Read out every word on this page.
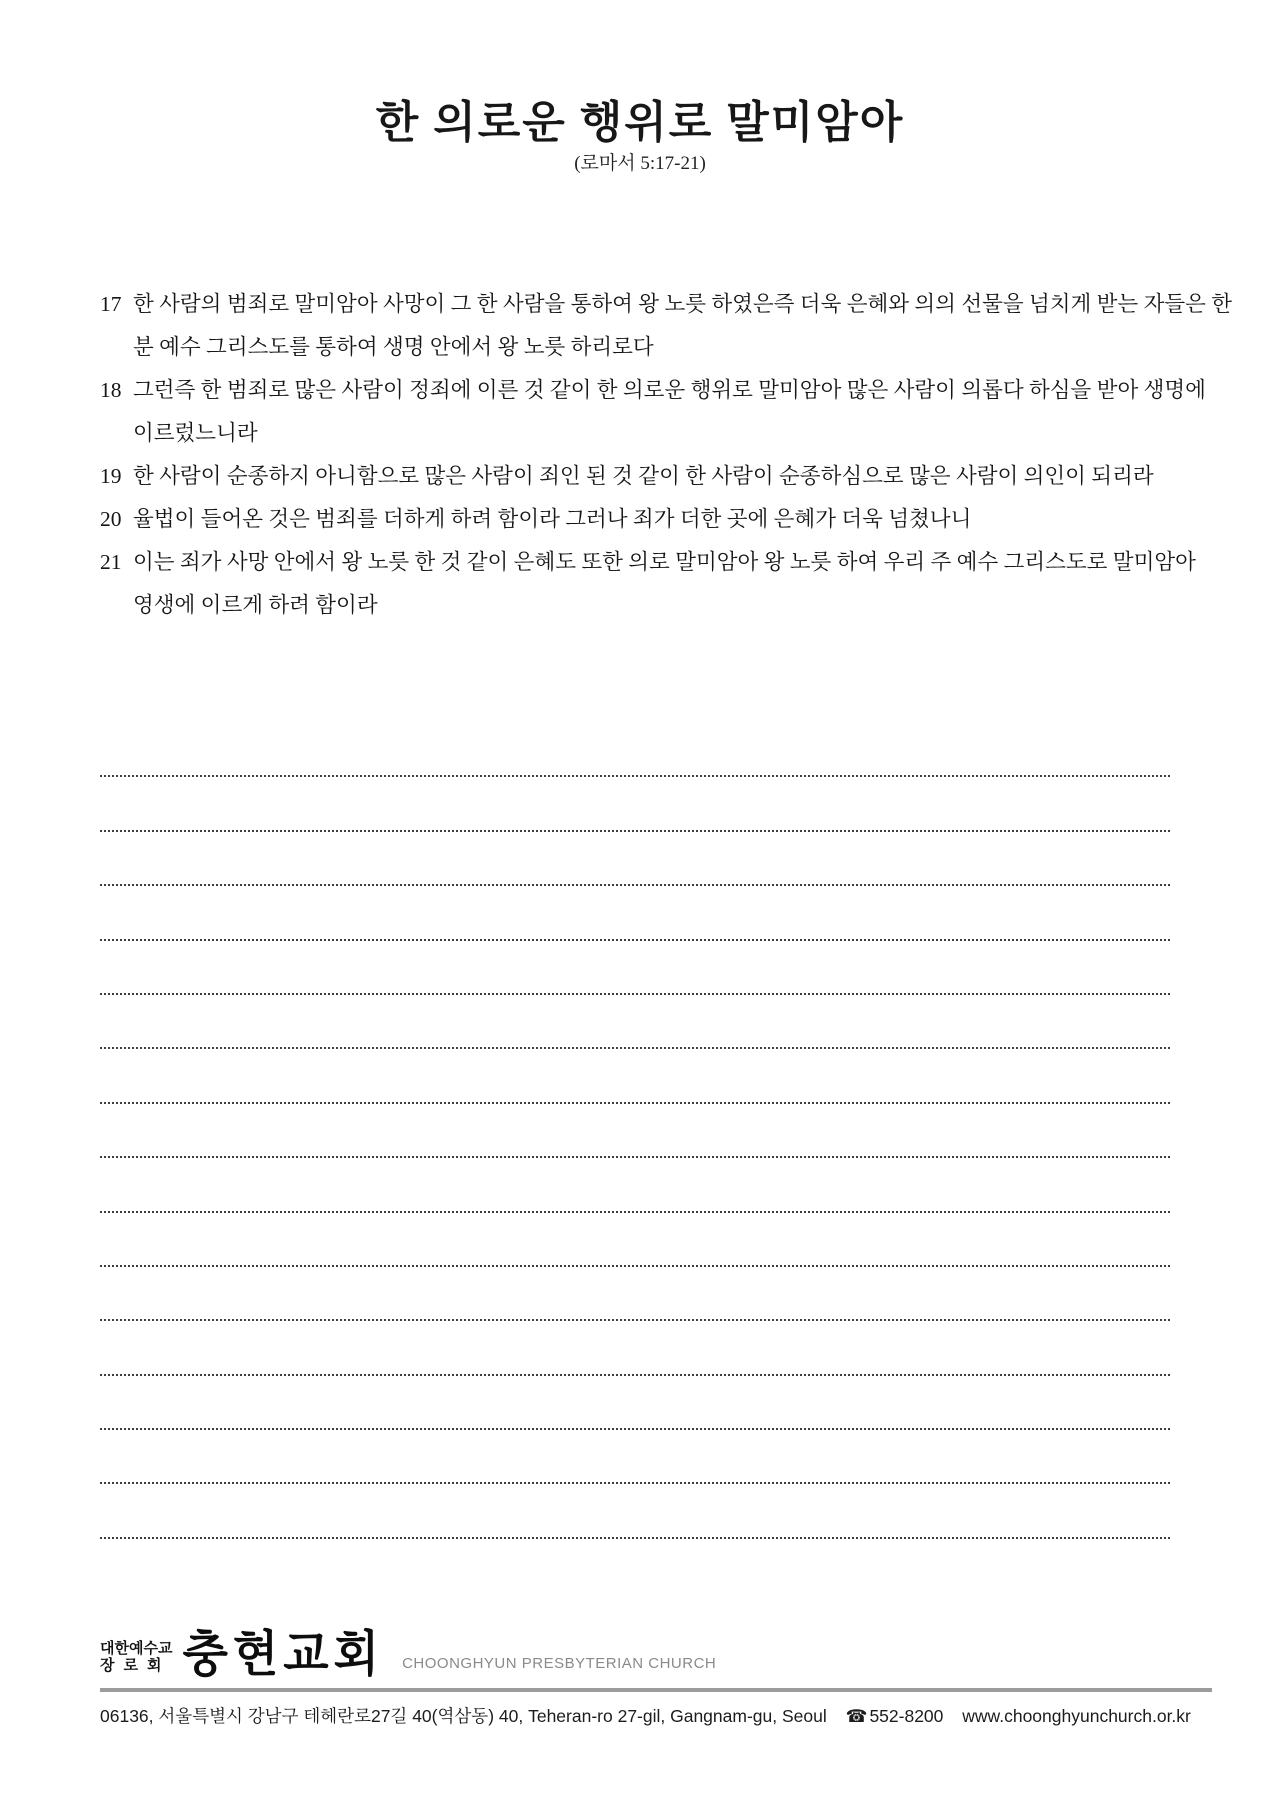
한 의로운 행위로 말미암아
(로마서 5:17-21)
17 한 사람의 범죄로 말미암아 사망이 그 한 사람을 통하여 왕 노릇 하였은즉 더욱 은혜와 의의 선물을 넘치게 받는 자들은 한 분 예수 그리스도를 통하여 생명 안에서 왕 노릇 하리로다
18 그런즉 한 범죄로 많은 사람이 정죄에 이른 것 같이 한 의로운 행위로 말미암아 많은 사람이 의롭다 하심을 받아 생명에 이르렀느니라
19 한 사람이 순종하지 아니함으로 많은 사람이 죄인 된 것 같이 한 사람이 순종하심으로 많은 사람이 의인이 되리라
20 율법이 들어온 것은 범죄를 더하게 하려 함이라 그러나 죄가 더한 곳에 은혜가 더욱 넘쳤나니
21 이는 죄가 사망 안에서 왕 노릇 한 것 같이 은혜도 또한 의로 말미암아 왕 노릇 하여 우리 주 예수 그리스도로 말미암아 영생에 이르게 하려 함이라
대한예수교
장로회 충현교회 CHOONGHYUN PRESBYTERIAN CHURCH
06136, 서울특별시 강남구 테헤란로27길 40(역삼동) 40, Teheran-ro 27-gil, Gangnam-gu, Seoul ☎ 552-8200 www.choonghyunchurch.or.kr
